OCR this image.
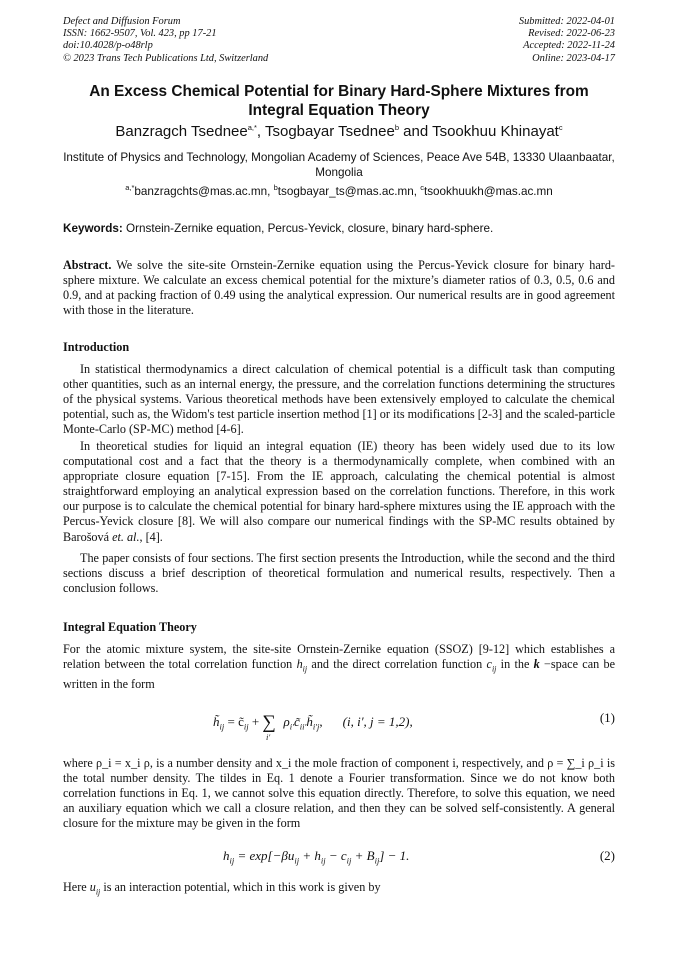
Defect and Diffusion Forum
ISSN: 1662-9507, Vol. 423, pp 17-21
doi:10.4028/p-o48rlp
© 2023 Trans Tech Publications Ltd, Switzerland
Submitted: 2022-04-01
Revised: 2022-06-23
Accepted: 2022-11-24
Online: 2023-04-17
An Excess Chemical Potential for Binary Hard-Sphere Mixtures from Integral Equation Theory
Banzragch Tsednee$^{a,*}$, Tsogbayar Tsednee$^b$ and Tsookhuu Khinayat$^c$
Institute of Physics and Technology, Mongolian Academy of Sciences, Peace Ave 54B, 13330 Ulaanbaatar, Mongolia
$^{a,*}$banzragchts@mas.ac.mn, $^b$tsogbayar_ts@mas.ac.mn, $^c$tsookhuukh@mas.ac.mn
Keywords: Ornstein-Zernike equation, Percus-Yevick, closure, binary hard-sphere.
Abstract. We solve the site-site Ornstein-Zernike equation using the Percus-Yevick closure for binary hard-sphere mixture. We calculate an excess chemical potential for the mixture’s diameter ratios of 0.3, 0.5, 0.6 and 0.9, and at packing fraction of 0.49 using the analytical expression. Our numerical results are in good agreement with those in the literature.
Introduction
In statistical thermodynamics a direct calculation of chemical potential is a difficult task than computing other quantities, such as an internal energy, the pressure, and the correlation functions determining the structures of the physical systems. Various theoretical methods have been extensively employed to calculate the chemical potential, such as, the Widom's test particle insertion method [1] or its modifications [2-3] and the scaled-particle Monte-Carlo (SP-MC) method [4-6].
In theoretical studies for liquid an integral equation (IE) theory has been widely used due to its low computational cost and a fact that the theory is a thermodynamically complete, when combined with an appropriate closure equation [7-15]. From the IE approach, calculating the chemical potential is almost straightforward employing an analytical expression based on the correlation functions. Therefore, in this work our purpose is to calculate the chemical potential for binary hard-sphere mixtures using the IE approach with the Percus-Yevick closure [8]. We will also compare our numerical findings with the SP-MC results obtained by Barošová et. al., [4].
The paper consists of four sections. The first section presents the Introduction, while the second and the third sections discuss a brief description of theoretical formulation and numerical results, respectively. Then a conclusion follows.
Integral Equation Theory
For the atomic mixture system, the site-site Ornstein-Zernike equation (SSOZ) [9-12] which establishes a relation between the total correlation function $h_{ij}$ and the direct correlation function $c_{ij}$ in the k −space can be written in the form
$h̃_{ij}$ = $c̃_{ij} + \sum_{i'}$ $\rho_{i'}c̃_{ii'}h̃_{i'j}$, (i, i′, j = 1,2),	(1)
where ρ_i = x_i ρ, is a number density and x_i the mole fraction of component i, respectively, and ρ = ∑_i ρ_i is the total number density. The tildes in Eq. 1 denote a Fourier transformation. Since we do not know both correlation functions in Eq. 1, we cannot solve this equation directly. Therefore, to solve this equation, we need an auxiliary equation which we call a closure relation, and then they can be solved self-consistently. A general closure for the mixture may be given in the form
$h_{ij} = \exp[-\beta u_{ij} + h_{ij} - c_{ij} + B_{ij}] - 1$.	(2)
Here $u_{ij}$ is an interaction potential, which in this work is given by
